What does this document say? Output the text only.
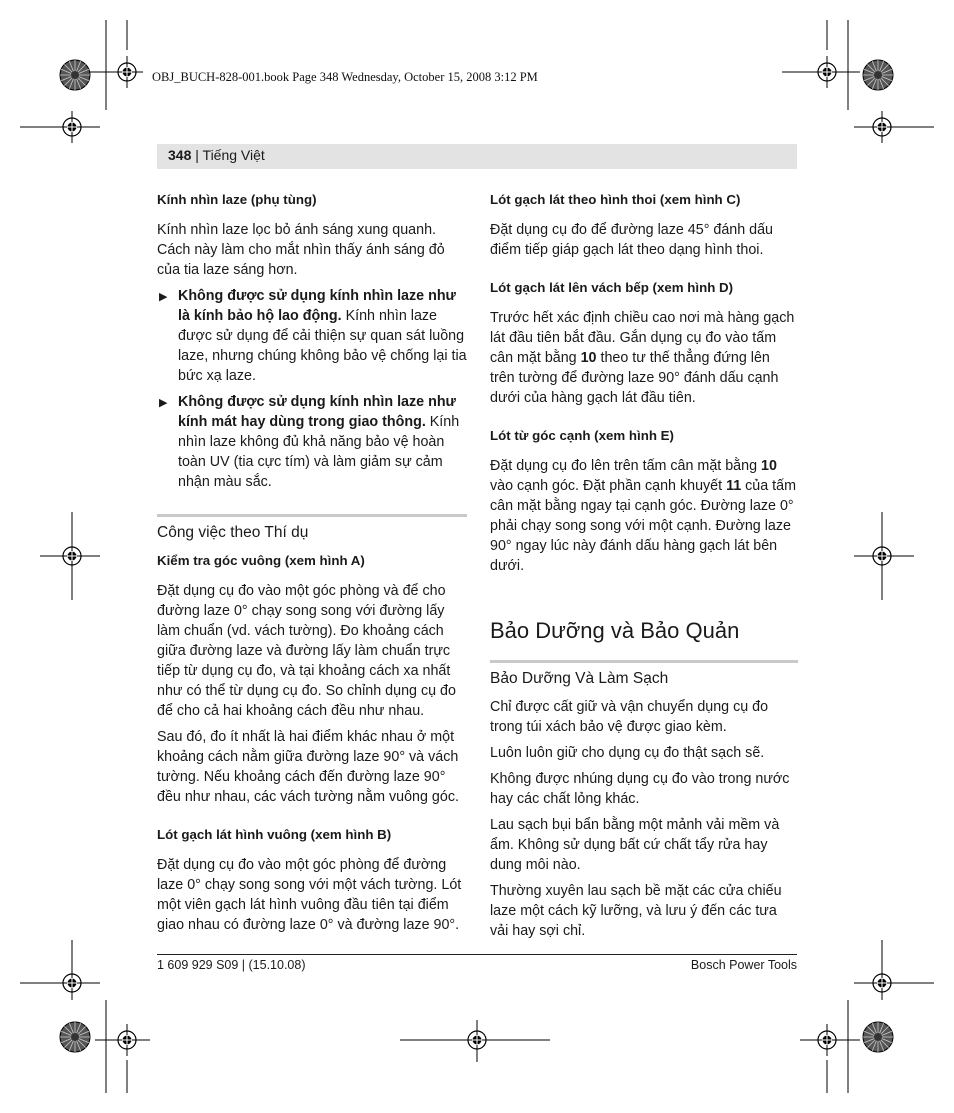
OBJ_BUCH-828-001.book Page 348 Wednesday, October 15, 2008 3:12 PM
348 | Tiếng Việt

Kính nhìn laze (phụ tùng)

Kính nhìn laze lọc bỏ ánh sáng xung quanh. Cách này làm cho mắt nhìn thấy ánh sáng đỏ của tia laze sáng hơn.

▶ Không được sử dụng kính nhìn laze như là kính bảo hộ lao động. Kính nhìn laze được sử dụng để cải thiện sự quan sát luồng laze, nhưng chúng không bảo vệ chống lại tia bức xạ laze.

▶ Không được sử dụng kính nhìn laze như kính mát hay dùng trong giao thông. Kính nhìn laze không đủ khả năng bảo vệ hoàn toàn UV (tia cực tím) và làm giảm sự cảm nhận màu sắc.

Công việc theo Thí dụ

Kiểm tra góc vuông (xem hình A)

Đặt dụng cụ đo vào một góc phòng và để cho đường laze 0° chạy song song với đường lấy làm chuẩn (vd. vách tường). Đo khoảng cách giữa đường laze và đường lấy làm chuẩn trực tiếp từ dụng cụ đo, và tại khoảng cách xa nhất như có thể từ dụng cụ đo. So chỉnh dụng cụ đo để cho cả hai khoảng cách đều như nhau.

Sau đó, đo ít nhất là hai điểm khác nhau ở một khoảng cách nằm giữa đường laze 90° và vách tường. Nếu khoảng cách đến đường laze 90° đều như nhau, các vách tường nằm vuông góc.

Lót gạch lát hình vuông (xem hình B)

Đặt dụng cụ đo vào một góc phòng để đường laze 0° chạy song song với một vách tường. Lót một viên gạch lát hình vuông đầu tiên tại điểm giao nhau có đường laze 0° và đường laze 90°.

Lót gạch lát theo hình thoi (xem hình C)

Đặt dụng cụ đo để đường laze 45° đánh dấu điểm tiếp giáp gạch lát theo dạng hình thoi.

Lót gạch lát lên vách bếp (xem hình D)

Trước hết xác định chiều cao nơi mà hàng gạch lát đầu tiên bắt đầu. Gắn dụng cụ đo vào tấm cân mặt bằng 10 theo tư thế thẳng đứng lên trên tường để đường laze 90° đánh dấu cạnh dưới của hàng gạch lát đầu tiên.

Lót từ góc cạnh (xem hình E)

Đặt dụng cụ đo lên trên tấm cân mặt bằng 10 vào cạnh góc. Đặt phần cạnh khuyết 11 của tấm cân mặt bằng ngay tại cạnh góc. Đường laze 0° phải chạy song song với một cạnh. Đường laze 90° ngay lúc này đánh dấu hàng gạch lát bên dưới.

Bảo Dưỡng và Bảo Quản

Bảo Dưỡng Và Làm Sạch

Chỉ được cất giữ và vận chuyển dụng cụ đo trong túi xách bảo vệ được giao kèm.

Luôn luôn giữ cho dụng cụ đo thật sạch sẽ.

Không được nhúng dụng cụ đo vào trong nước hay các chất lỏng khác.

Lau sạch bụi bẩn bằng một mảnh vải mềm và ẩm. Không sử dụng bất cứ chất tẩy rửa hay dung môi nào.

Thường xuyên lau sạch bề mặt các cửa chiếu laze một cách kỹ lưỡng, và lưu ý đến các tưa vải hay sợi chỉ.

1 609 929 S09 | (15.10.08)	Bosch Power Tools
